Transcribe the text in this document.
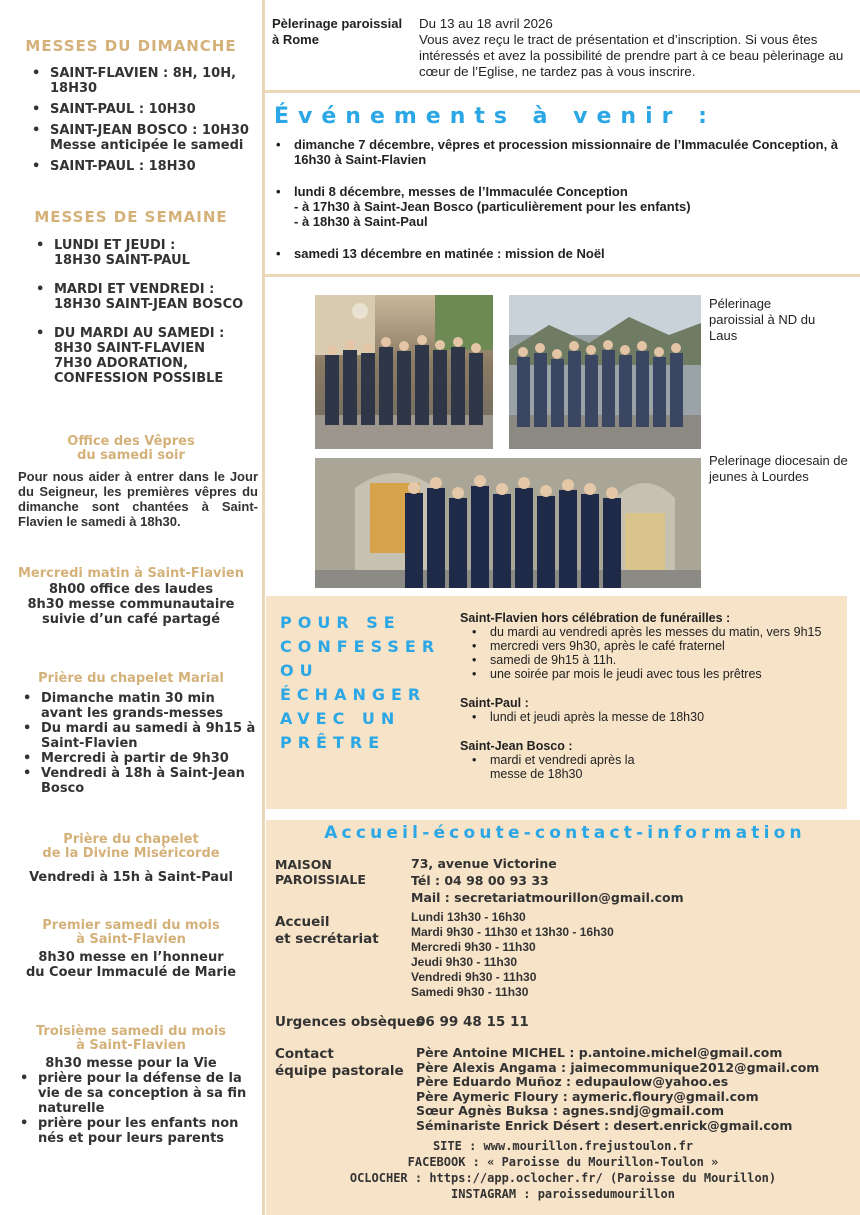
MESSES DU DIMANCHE
• SAINT-FLAVIEN : 8H, 10H, 18H30
• SAINT-PAUL : 10H30
• SAINT-JEAN BOSCO : 10H30
Messe anticipée le samedi
• SAINT-PAUL : 18H30
MESSES DE SEMAINE
• LUNDI ET JEUDI :
18H30 SAINT-PAUL
• MARDI ET VENDREDI :
18H30 SAINT-JEAN BOSCO
• DU MARDI AU SAMEDI :
8H30 SAINT-FLAVIEN
7H30 ADORATION,
CONFESSION POSSIBLE
Office des Vêpres
du samedi soir
Pour nous aider à entrer dans le Jour du Seigneur, les premières vêpres du dimanche sont chantées à Saint-Flavien le samedi à 18h30.
Mercredi matin à Saint-Flavien
8h00 office des laudes
8h30 messe communautaire
suivie d’un café partagé
Prière du chapelet Marial
• Dimanche matin 30 min avant les grands-messes
• Du mardi au samedi à 9h15 à Saint-Flavien
• Mercredi à partir de 9h30
• Vendredi à 18h à Saint-Jean Bosco
Prière du chapelet
de la Divine Miséricorde
Vendredi à 15h à Saint-Paul
Premier samedi du mois
à Saint-Flavien
8h30 messe en l’honneur
du Coeur Immaculé de Marie
Troisième samedi du mois
à Saint-Flavien
8h30 messe pour la Vie
• prière pour la défense de la vie de sa conception à sa fin naturelle
• prière pour les enfants non nés et pour leurs parents
Pèlerinage paroissial
à Rome
Du 13 au 18 avril 2026
Vous avez reçu le tract de présentation et d’inscription. Si vous êtes intéressés et avez la possibilité de prendre part à ce beau pèlerinage au cœur de l’Eglise, ne tardez pas à vous inscrire.
Événements à venir :
• dimanche 7 décembre, vêpres et procession missionnaire de l’Immaculée Conception, à 16h30 à Saint-Flavien
• lundi 8 décembre, messes de l’Immaculée Conception
- à 17h30 à Saint-Jean Bosco (particulièrement pour les enfants)
- à 18h30 à Saint-Paul
• samedi 13 décembre en matinée : mission de Noël
Pélerinage paroissial à ND du Laus
Pelerinage diocesain de jeunes à Lourdes
POUR SE
CONFESSER
OU
ÉCHANGER
AVEC UN
PRÊTRE
Saint-Flavien hors célébration de funérailles :
• du mardi au vendredi après les messes du matin, vers 9h15
• mercredi vers 9h30, après le café fraternel
• samedi de 9h15 à 11h.
• une soirée par mois le jeudi avec tous les prêtres
Saint-Paul :
• lundi et jeudi après la messe de 18h30
Saint-Jean Bosco :
• mardi et vendredi après la messe de 18h30
Accueil-écoute-contact-information
MAISON
PAROISSIALE
73, avenue Victorine
Tél : 04 98 00 93 33
Mail : secretariatmourillon@gmail.com
Accueil
et secrétariat
Lundi 13h30 - 16h30
Mardi 9h30 - 11h30 et 13h30 - 16h30
Mercredi 9h30 - 11h30
Jeudi 9h30 - 11h30
Vendredi 9h30 - 11h30
Samedi 9h30 - 11h30
Urgences obsèques
06 99 48 15 11
Contact
équipe pastorale
Père Antoine MICHEL : p.antoine.michel@gmail.com
Père Alexis Angama : jaimecommunique2012@gmail.com
Père Eduardo Muñoz : edupaulow@yahoo.es
Père Aymeric Floury : aymeric.floury@gmail.com
Sœur Agnès Buksa : agnes.sndj@gmail.com
Séminariste Enrick Désert : desert.enrick@gmail.com
SITE : www.mourillon.frejustoulon.fr
FACEBOOK : « Paroisse du Mourillon-Toulon »
OCLOCHER : https://app.oclocher.fr/ (Paroisse du Mourillon)
INSTAGRAM : paroissedumourillon
